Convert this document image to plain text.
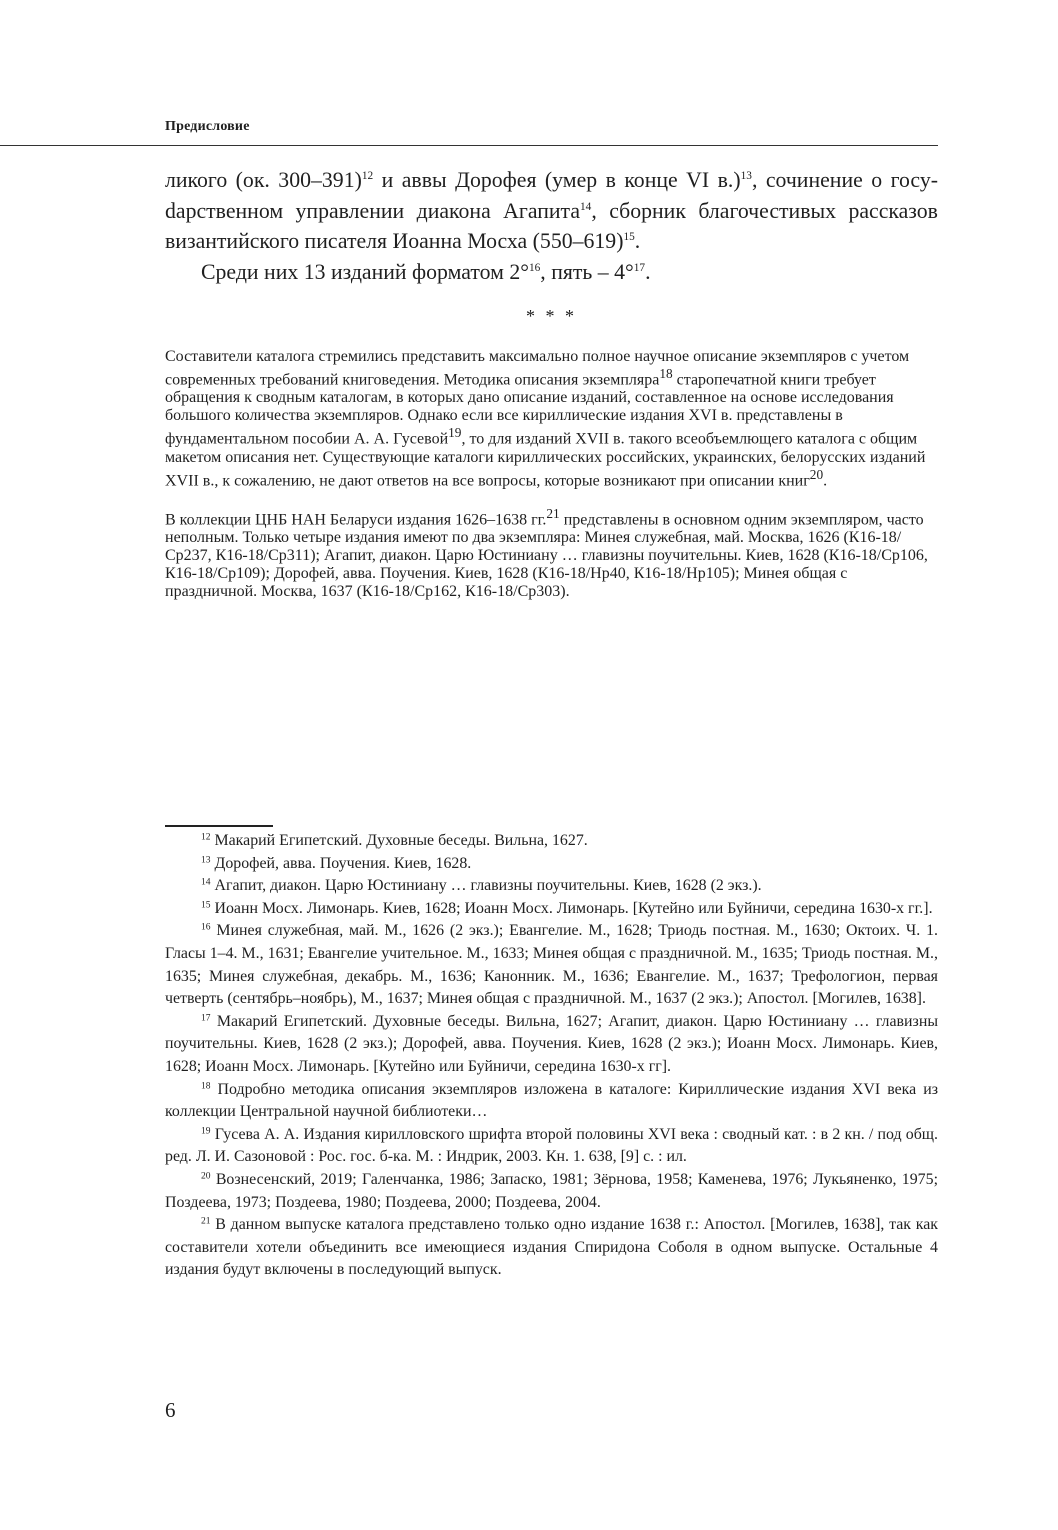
Предисловие

ликого (ок. 300–391)$^{12}$ и аввы Дорофея (умер в конце VI в.)$^{13}$, сочинение о госуdарственном управлении диакона Агапита$^{14}$, сборник благочестивых рассказов византийского писателя Иоанна Мосха $(550-619)^{15}$.

Среди них 13 изданий форматом 2°$^{16}$, пять – 4°$^{17}$.

* * *

Составители каталога стремились представить максимально полное научное описание экземпляров с учетом современных требований книговедения. Методика описания экземпляра$^{18}$ старопечатной книги требует обращения к сводным каталогам, в которых дано описание изданий, составленное на основе исследования большого количества экземпляров. Однако если все кириллические издания XVI в. представлены в фундаментальном пособии А. А. Гусевой$^{19}$, то для изданий XVII в. такого всеобъемлющего каталога с общим макетом описания нет. Существующие каталоги кириллических российских, украинских, белорусских изданий XVII в., к сожалению, не дают ответов на все вопросы, которые возникают при описании книг$^{20}$.

В коллекции ЦНБ НАН Беларуси издания 1626–1638 гг.$^{21}$ представлены в основном одним экземпляром, часто неполным. Только четыре издания имеют по два экземпляра: Минея служебная, май. Москва, 1626 (К16-18/Ср237, К16-18/Ср311); Агапит, диакон. Царю Юстиниану … главизны поучительны. Киев, 1628 (К16-18/Ср106, К16-18/Ср109); Дорофей, авва. Поучения. Киев, 1628 (К16-18/Нр40, К16-18/Нр105); Минея общая с праздничной. Москва, 1637 (К16-18/Ср162, К16-18/Ср303).

$^{12}$ Макарий Египетский. Духовные беседы. Вильна, 1627.

$^{13}$ Дорофей, авва. Поучения. Киев, 1628.

$^{14}$ Агапит, диакон. Царю Юстиниану … главизны поучительны. Киев, 1628 (2 экз.).

$^{15}$ Иоанн Мосх. Лимонарь. Киев, 1628; Иоанн Мосх. Лимонарь. [Кутейно или Буйничи, середина 1630-х гг.].

$^{16}$ Минея служебная, май. М., 1626 (2 экз.); Евангелие. М., 1628; Триодь постная. М., 1630; Октоих. Ч. 1. Гласы 1–4. М., 1631; Евангелие учительное. М., 1633; Минея общая с праздничной. М., 1635; Триодь постная. М., 1635; Минея служебная, декабрь. М., 1636; Канонник. М., 1636; Евангелие. М., 1637; Трефологион, первая четверть (сентябрь–ноябрь), М., 1637; Минея общая с праздничной. М., 1637 (2 экз.); Апостол. [Могилев, 1638].

$^{17}$ Макарий Египетский. Духовные беседы. Вильна, 1627; Агапит, диакон. Царю Юстиниану … главизны поучительны. Киев, 1628 (2 экз.); Дорофей, авва. Поучения. Киев, 1628 (2 экз.); Иоанн Мосх. Лимонарь. Киев, 1628; Иоанн Мосх. Лимонарь. [Кутейно или Буйничи, середина 1630-х гг].

$^{18}$ Подробно методика описания экземпляров изложена в каталоге: Кириллические издания XVI века из коллекции Центральной научной библиотеки…

$^{19}$ Гусева А. А. Издания кирилловского шрифта второй половины XVI века : сводный кат. : в 2 кн. / под общ. ред. Л. И. Сазоновой : Рос. гос. б-ка. М. : Индрик, 2003. Кн. 1. 638, [9] с. : ил.

$^{20}$ Вознесенский, 2019; Галенчанка, 1986; Запаско, 1981; Зёрнова, 1958; Каменева, 1976; Лукьяненко, 1975; Поздеева, 1973; Поздеева, 1980; Поздеева, 2000; Поздеева, 2004.

$^{21}$ В данном выпуске каталога представлено только одно издание 1638 г.: Апостол. [Могилев, 1638], так как составители хотели объединить все имеющиеся издания Спиридона Соболя в одном выпуске. Остальные 4 издания будут включены в последующий выпуск.

6
